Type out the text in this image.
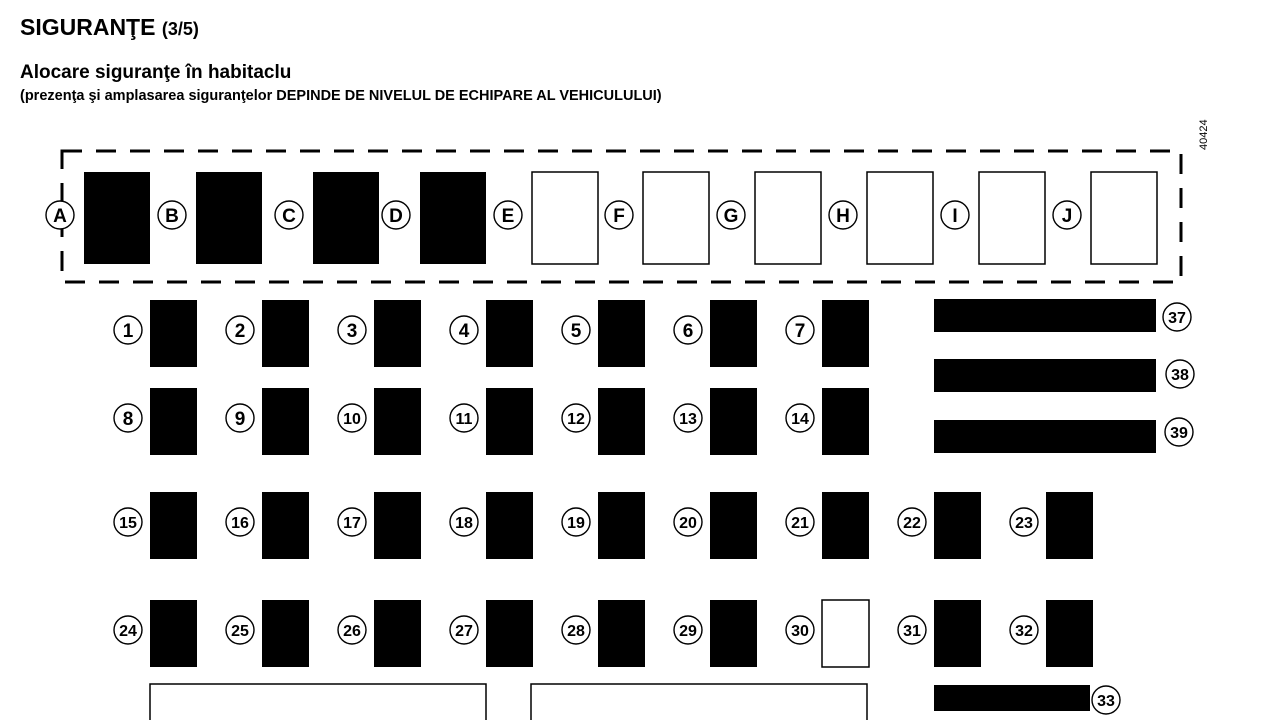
SIGURANŢE (3/5)
Alocare siguranţe în habitaclu
(prezenţa şi amplasarea siguranţelor DEPINDE DE NIVELUL DE ECHIPARE AL VEHICULULUI)
40424
A	B	C	D	E	F	G	H	I	J
1	2	3	4	5	6	7
8	9	10	11	12	13	14
15	16	17	18	19	20	21	22	23
24	25	26	27	28	29	30	31	32
37
38
39
33
